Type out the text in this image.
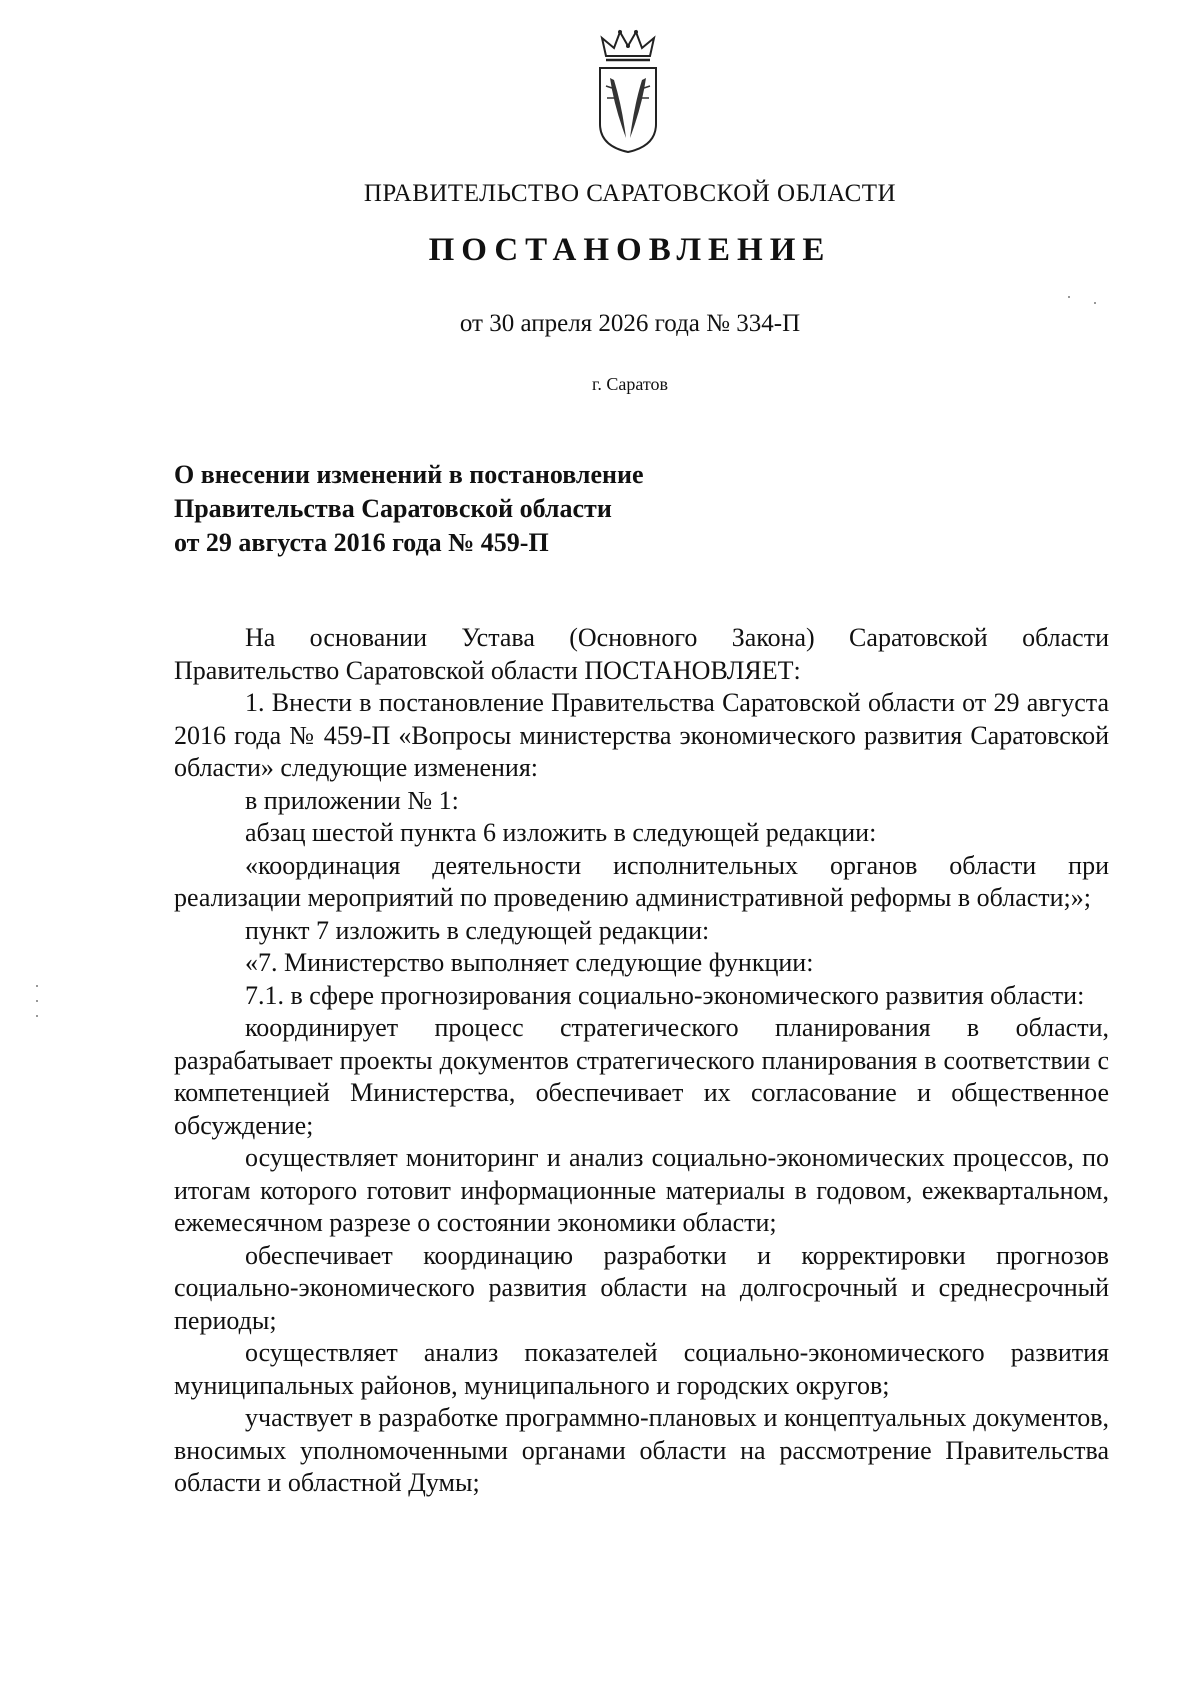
ПРАВИТЕЛЬСТВО САРАТОВСКОЙ ОБЛАСТИ
ПОСТАНОВЛЕНИЕ
от 30 апреля 2026 года № 334-П
г. Саратов
О внесении изменений в постановление
Правительства Саратовской области
от 29 августа 2016 года № 459-П

На основании Устава (Основного Закона) Саратовской области Правительство Саратовской области ПОСТАНОВЛЯЕТ:

1. Внести в постановление Правительства Саратовской области от 29 августа 2016 года № 459-П «Вопросы министерства экономического развития Саратовской области» следующие изменения:

в приложении № 1:

абзац шестой пункта 6 изложить в следующей редакции:

«координация деятельности исполнительных органов области при реализации мероприятий по проведению административной реформы в области;»;

пункт 7 изложить в следующей редакции:

«7. Министерство выполняет следующие функции:

7.1. в сфере прогнозирования социально-экономического развития области:

координирует процесс стратегического планирования в области, разрабатывает проекты документов стратегического планирования в соответствии с компетенцией Министерства, обеспечивает их согласование и общественное обсуждение;

осуществляет мониторинг и анализ социально-экономических процессов, по итогам которого готовит информационные материалы в годовом, ежеквартальном, ежемесячном разрезе о состоянии экономики области;

обеспечивает координацию разработки и корректировки прогнозов социально-экономического развития области на долгосрочный и среднесрочный периоды;

осуществляет анализ показателей социально-экономического развития муниципальных районов, муниципального и городских округов;

участвует в разработке программно-плановых и концептуальных документов, вносимых уполномоченными органами области на рассмотрение Правительства области и областной Думы;
